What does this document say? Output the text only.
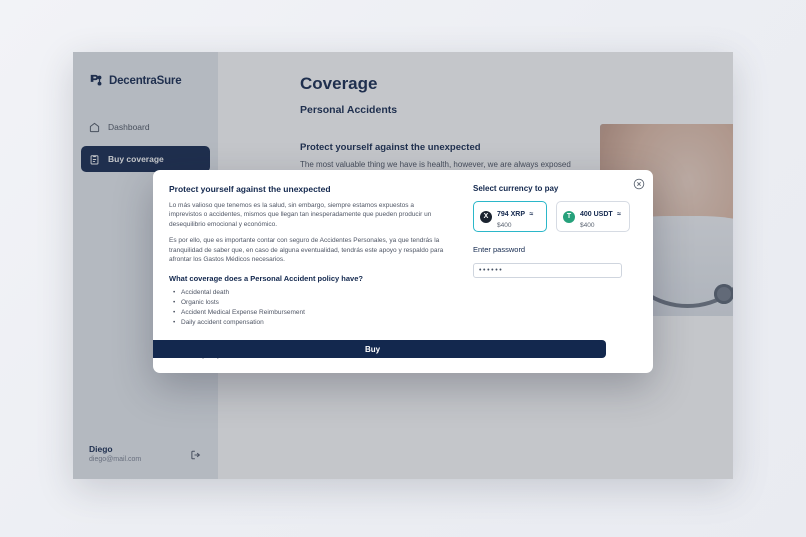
DecentraSure
Dashboard
Buy coverage
Diego
diego@mail.com
Coverage
Personal Accidents
Protect yourself against the unexpected
The most valuable thing we have is health, however, we are always exposed
Protect yourself against the unexpected

Lo más valioso que tenemos es la salud, sin embargo, siempre estamos expuestos a imprevistos o accidentes, mismos que llegan tan inesperadamente que pueden producir un desequilibrio emocional y económico.

Es por ello, que es importante contar con seguro de Accidentes Personales, ya que tendrás la tranquilidad de saber que, en caso de alguna eventualidad, tendrás este apoyo y respaldo para afrontar los Gastos Médicos necesarios.

What coverage does a Personal Accident policy have?
• Accidental death
• Organic losts
• Accident Medical Expense Reimbursement
• Daily accident compensation
Select currency to pay
X 794 XRP ≈
$400
T 400 USDT ≈
$400
Enter password
••••••
Buy
